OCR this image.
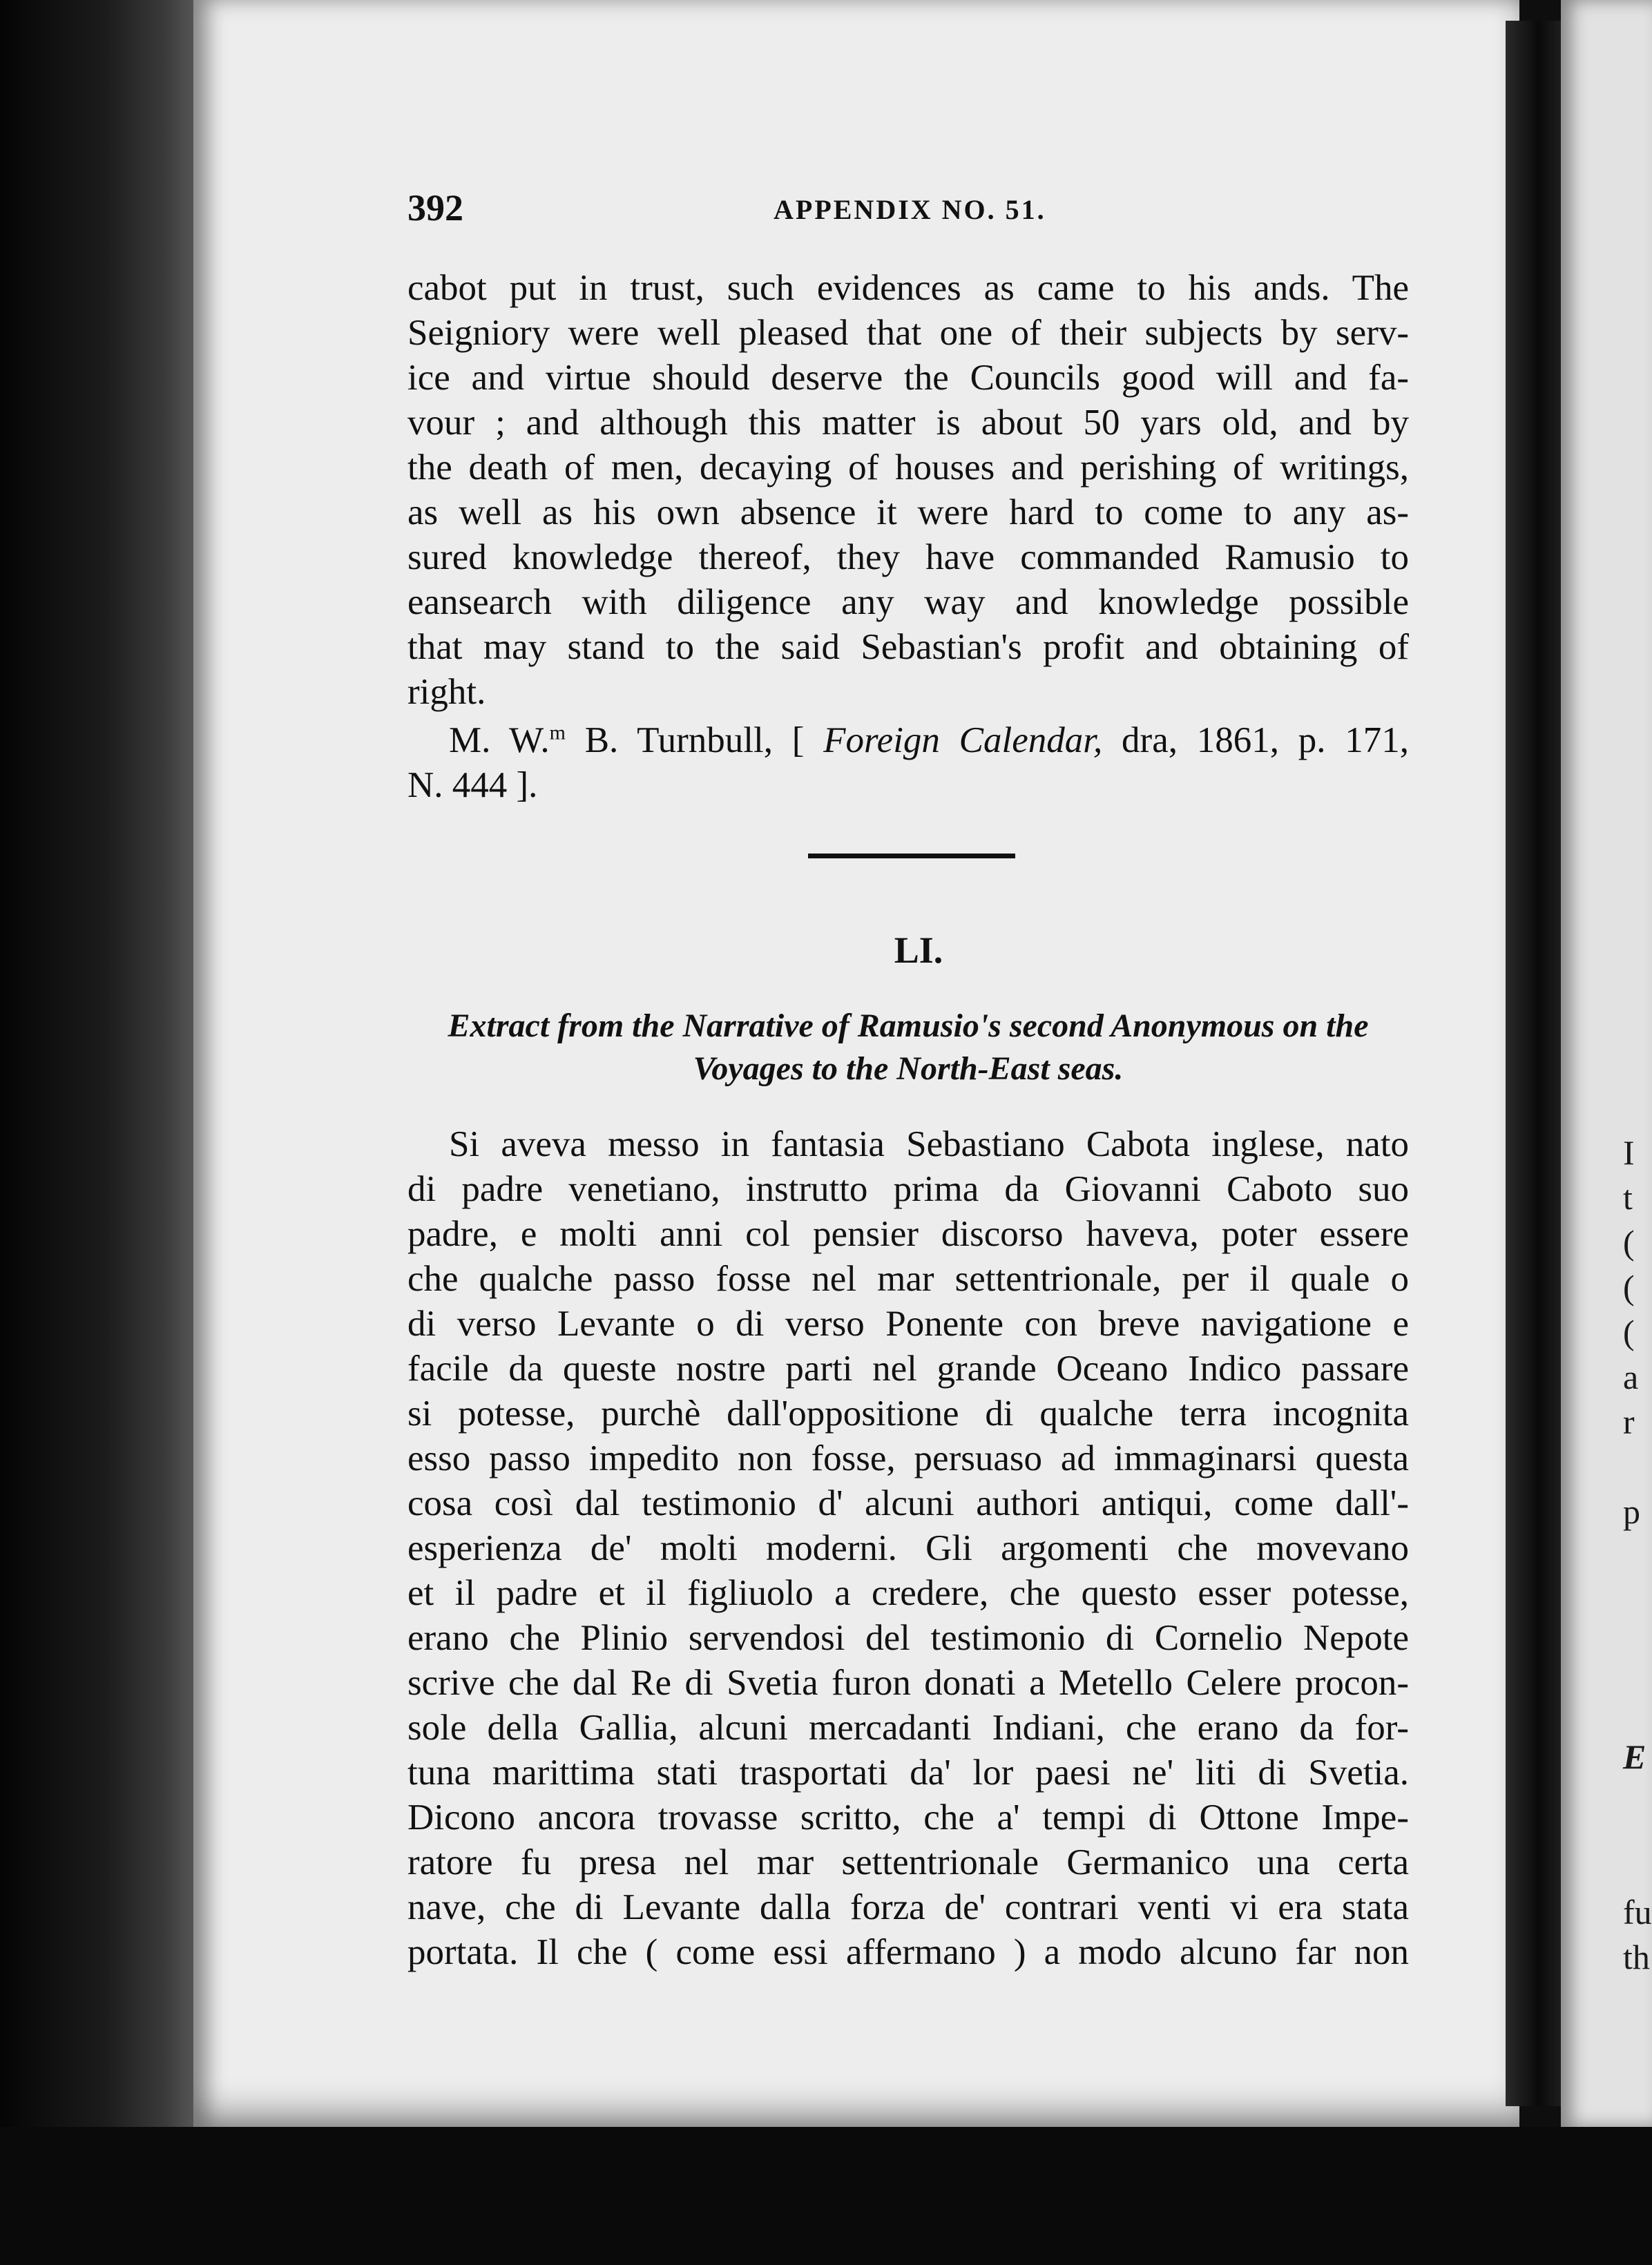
I
t
(
(
(
a
r
p
E
fu
th
392	APPENDIX NO. 51.
cabot put in trust, such evidences as came to his ands. The
Seigniory were well pleased that one of their subjects by serv-
ice and virtue should deserve the Councils good will and fa-
vour ; and although this matter is about 50 yars old, and by
the death of men, decaying of houses and perishing of writings,
as well as his own absence it were hard to come to any as-
sured knowledge thereof, they have commanded Ramusio to
eansearch with diligence any way and knowledge possible
that may stand to the said Sebastian's profit and obtaining of
right.
M. W.$^m$ B. Turnbull, [ Foreign Calendar, dra, 1861, p. 171,
N. 444 ].
LI.
Extract from the Narrative of Ramusio's second Anonymous on the
Voyages to the North-East seas.
Si aveva messo in fantasia Sebastiano Cabota inglese, nato
di padre venetiano, instrutto prima da Giovanni Caboto suo
padre, e molti anni col pensier discorso haveva, poter essere
che qualche passo fosse nel mar settentrionale, per il quale o
di verso Levante o di verso Ponente con breve navigatione e
facile da queste nostre parti nel grande Oceano Indico passare
si potesse, purchè dall'oppositione di qualche terra incognita
esso passo impedito non fosse, persuaso ad immaginarsi questa
cosa così dal testimonio d' alcuni authori antiqui, come dall'-
esperienza de' molti moderni. Gli argomenti che movevano
et il padre et il figliuolo a credere, che questo esser potesse,
erano che Plinio servendosi del testimonio di Cornelio Nepote
scrive che dal Re di Svetia furon donati a Metello Celere procon-
sole della Gallia, alcuni mercadanti Indiani, che erano da for-
tuna marittima stati trasportati da' lor paesi ne' liti di Svetia.
Dicono ancora trovasse scritto, che a' tempi di Ottone Impe-
ratore fu presa nel mar settentrionale Germanico una certa
nave, che di Levante dalla forza de' contrari venti vi era stata
portata. Il che ( come essi affermano ) a modo alcuno far non
